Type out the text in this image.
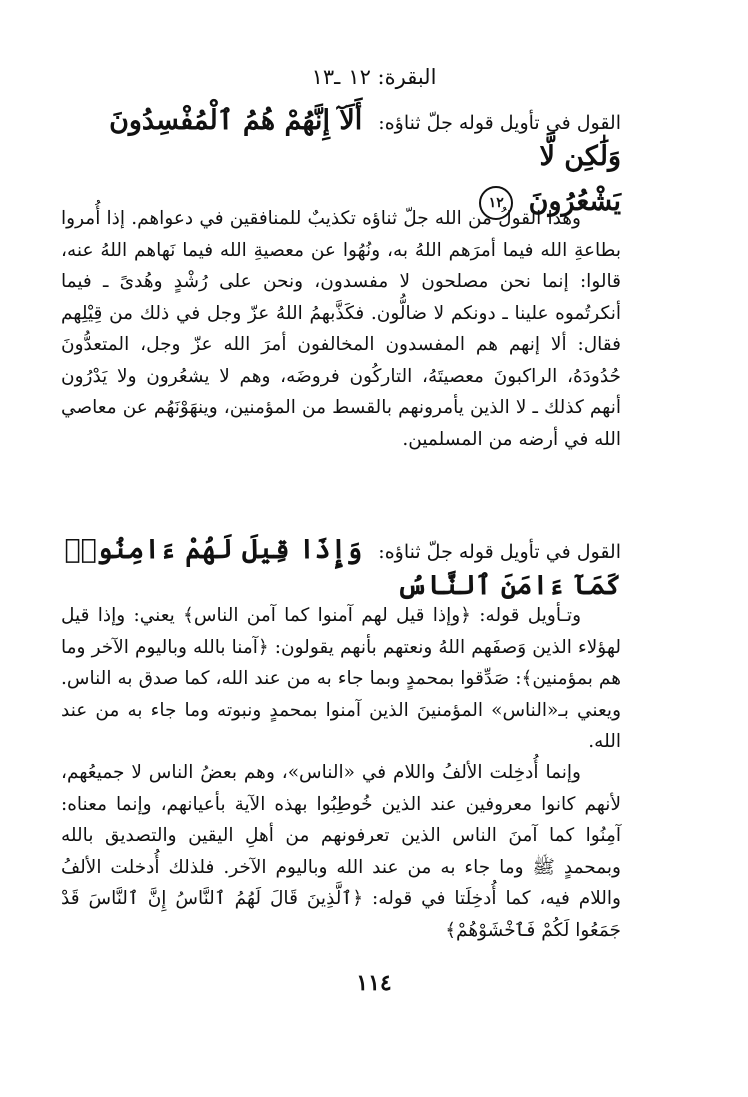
البقرة: ١٢ـ١٣
القول في تأويل قوله جلّ ثناؤه: أَلَآ إِنَّهُمْ هُمُ ٱلْمُفْسِدُونَ وَلَٰكِن لَّا
يَشْعُرُونَ ١٢

وهذا القولُ من الله جلّ ثناؤه تكذيبٌ للمنافقين في دعواهم. إذا أُمروا بطاعةِ الله فيما أمرَهم اللهُ به، ونُهُوا عن معصيةِ الله فيما نَهاهم اللهُ عنه، قالوا: إنما نحن مصلحون لا مفسدون، ونحن على رُشْدٍ وهُدىً ـ فيما أنكرتُموه علينا ـ دونكم لا ضالُّون. فكَذَّبهمُ اللهُ عزّ وجل في ذلك من قِيْلِهم فقال: ألا إنهم هم المفسدون المخالفون أمرَ الله عزّ وجل، المتعدُّونَ حُدُودَهُ، الراكبونَ معصيتَهُ، التاركُون فروضَه، وهم لا يشعُرون ولا يَدْرُون أنهم كذلك ـ لا الذين يأمرونهم بالقسط من المؤمنين، وينهَوْنَهُم عن معاصي الله في أرضه من المسلمين.

القول في تأويل قوله جلّ ثناؤه: وَإِذَا قِيلَ لَهُمْ ءَامِنُوا۟ كَمَآ ءَامَنَ ٱلنَّاسُ

وتـأويل قوله: ﴿وإذا قيل لهم آمنوا كما آمن الناس﴾ يعني: وإذا قيل لهؤلاء الذين وَصفَهم اللهُ ونعتهم بأنهم يقولون: ﴿آمنا بالله وباليوم الآخر وما هم بمؤمنين﴾: صَدِّقوا بمحمدٍ وبما جاء به من عند الله، كما صدق به الناس. ويعني بـ«الناس» المؤمنينَ الذين آمنوا بمحمدٍ ونبوته وما جاء به من عند الله.

وإنما أُدخِلت الألفُ واللام في «الناس»، وهم بعضُ الناس لا جميعُهم، لأنهم كانوا معروفين عند الذين خُوطِبُوا بهذه الآية بأعيانهم، وإنما معناه: آمِنُوا كما آمنَ الناس الذين تعرفونهم من أهلِ اليقين والتصديق بالله وبمحمدٍ ﷺ وما جاء به من عند الله وباليوم الآخر. فلذلك أُدخلت الألفُ واللام فيه، كما أُدخِلَتا في قوله: ﴿ٱلَّذِينَ قَالَ لَهُمُ ٱلنَّاسُ إِنَّ ٱلنَّاسَ قَدْ جَمَعُوا لَكُمْ فَٱخْشَوْهُمْ﴾

١١٤
